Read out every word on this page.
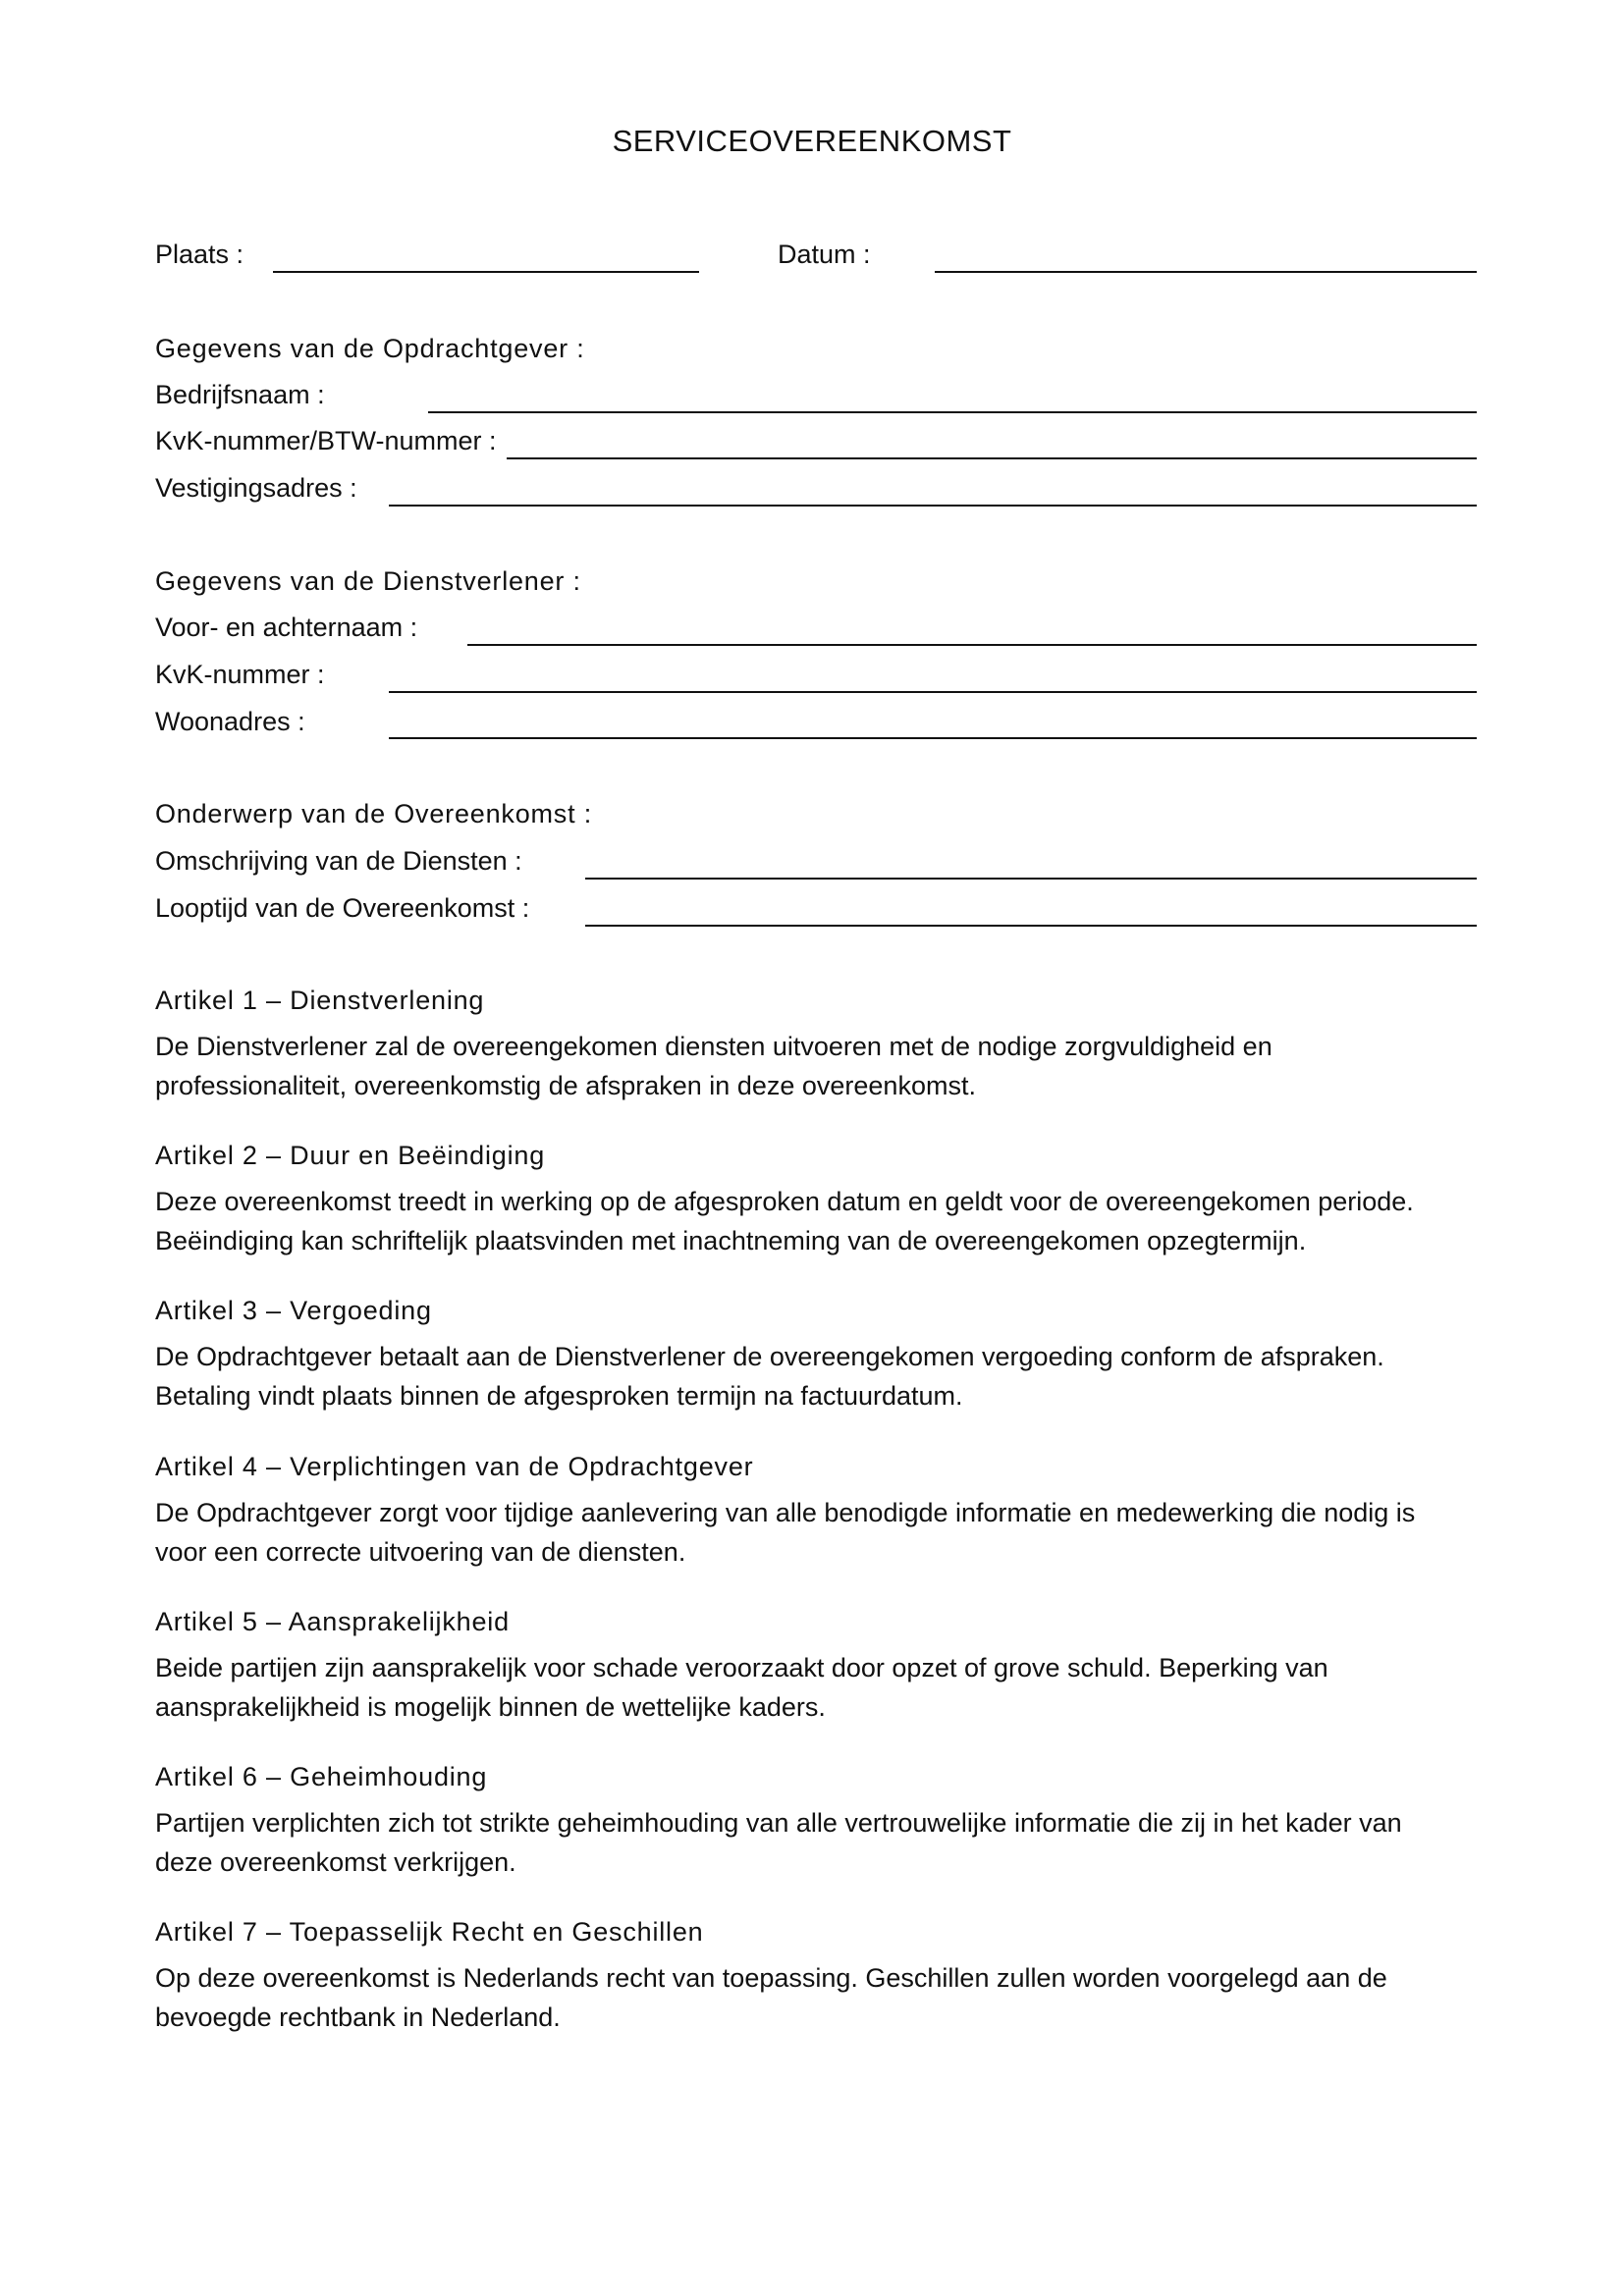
SERVICEOVEREENKOMST
Plaats :	Datum :
Gegevens van de Opdrachtgever :
Bedrijfsnaam :
KvK-nummer/BTW-nummer :
Vestigingsadres :
Gegevens van de Dienstverlener :
Voor- en achternaam :
KvK-nummer :
Woonadres :
Onderwerp van de Overeenkomst :
Omschrijving van de Diensten :
Looptijd van de Overeenkomst :
Artikel 1 – Dienstverlening
De Dienstverlener zal de overeengekomen diensten uitvoeren met de nodige zorgvuldigheid en
professionaliteit, overeenkomstig de afspraken in deze overeenkomst.
Artikel 2 – Duur en Beëindiging
Deze overeenkomst treedt in werking op de afgesproken datum en geldt voor de overeengekomen periode.
Beëindiging kan schriftelijk plaatsvinden met inachtneming van de overeengekomen opzegtermijn.
Artikel 3 – Vergoeding
De Opdrachtgever betaalt aan de Dienstverlener de overeengekomen vergoeding conform de afspraken.
Betaling vindt plaats binnen de afgesproken termijn na factuurdatum.
Artikel 4 – Verplichtingen van de Opdrachtgever
De Opdrachtgever zorgt voor tijdige aanlevering van alle benodigde informatie en medewerking die nodig is
voor een correcte uitvoering van de diensten.
Artikel 5 – Aansprakelijkheid
Beide partijen zijn aansprakelijk voor schade veroorzaakt door opzet of grove schuld. Beperking van
aansprakelijkheid is mogelijk binnen de wettelijke kaders.
Artikel 6 – Geheimhouding
Partijen verplichten zich tot strikte geheimhouding van alle vertrouwelijke informatie die zij in het kader van
deze overeenkomst verkrijgen.
Artikel 7 – Toepasselijk Recht en Geschillen
Op deze overeenkomst is Nederlands recht van toepassing. Geschillen zullen worden voorgelegd aan de
bevoegde rechtbank in Nederland.
